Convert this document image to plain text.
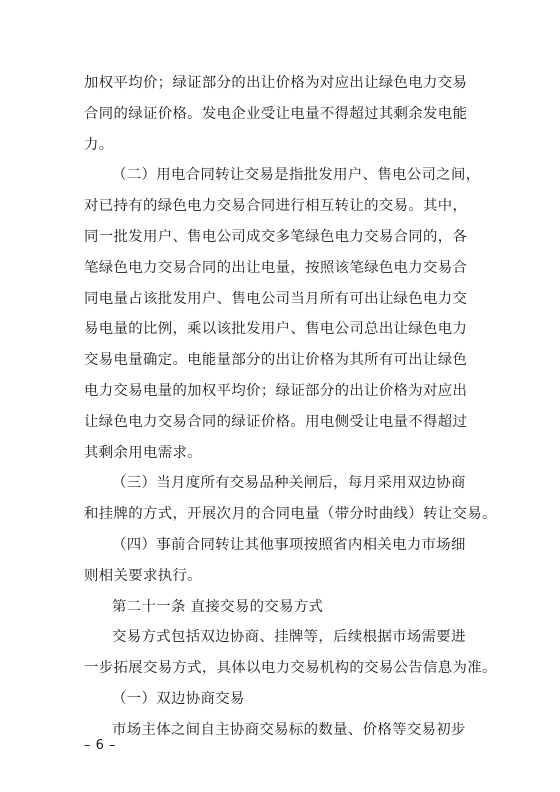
加权平均价；绿证部分的出让价格为对应出让绿色电力交易
合同的绿证价格。发电企业受让电量不得超过其剩余发电能
力。
（二）用电合同转让交易是指批发用户、售电公司之间，
对已持有的绿色电力交易合同进行相互转让的交易。其中，
同一批发用户、售电公司成交多笔绿色电力交易合同的，各
笔绿色电力交易合同的出让电量，按照该笔绿色电力交易合
同电量占该批发用户、售电公司当月所有可出让绿色电力交
易电量的比例，乘以该批发用户、售电公司总出让绿色电力
交易电量确定。电能量部分的出让价格为其所有可出让绿色
电力交易电量的加权平均价；绿证部分的出让价格为对应出
让绿色电力交易合同的绿证价格。用电侧受让电量不得超过
其剩余用电需求。
（三）当月度所有交易品种关闸后，每月采用双边协商
和挂牌的方式，开展次月的合同电量（带分时曲线）转让交易。
（四）事前合同转让其他事项按照省内相关电力市场细
则相关要求执行。
第二十一条 直接交易的交易方式
交易方式包括双边协商、挂牌等，后续根据市场需要进
一步拓展交易方式，具体以电力交易机构的交易公告信息为准。
（一）双边协商交易
市场主体之间自主协商交易标的数量、价格等交易初步
– 6 –
